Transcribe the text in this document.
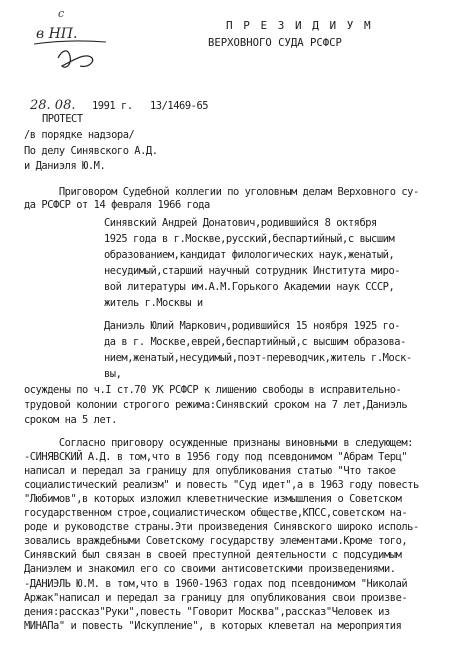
с
в НП.
Дз
П Р Е З И Д И У М
ВЕРХОВНОГО СУДА РСФСР
28. 08. 1991 г. 13/1469-65
ПРОТЕСТ
/в порядке надзора/
По делу Синявского А.Д.
и Даниэля Ю.М.
Приговором Судебной коллегии по уголовным делам Верховного су-
да РСФСР от 14 февраля 1966 года
Синявский Андрей Донатович,родившийся 8 октября
1925 года в г.Москве,русский,беспартийный,с высшим
образованием,кандидат филологических наук,женатый,
несудимый,старший научный сотрудник Института миро-
вой литературы им.А.М.Горького Академии наук СССР,
житель г.Москвы и
Даниэль Юлий Маркович,родившийся 15 ноября 1925 го-
да в г. Москве,еврей,беспартийный,с высшим образова-
нием,женатый,несудимый,поэт-переводчик,житель г.Моск-
вы,
осуждены по ч.I ст.70 УК РСФСР к лишению свободы в исправительно-
трудовой колонии строгого режима:Синявский сроком на 7 лет,Даниэль
сроком на 5 лет.
Согласно приговору осужденные признаны виновными в следующем:
-СИНЯВСКИЙ А.Д. в том,что в 1956 году под псевдонимом "Абрам Терц"
написал и передал за границу для опубликования статью "Что такое
социалистический реализм" и повесть "Суд идет",а в 1963 году повесть
"Любимов",в которых изложил клеветнические измышления о Советском
государственном строе,социалистическом обществе,КПСС,советском на-
роде и руководстве страны.Эти произведения Синявского широко исполь-
зовались враждебными Советскому государству элементами.Кроме того,
Синявский был связан в своей преступной деятельности с подсудимым
Даниэлем и знакомил его со своими антисоветскими произведениями.
-ДАНИЭЛЬ Ю.М. в том,что в 1960-1963 годах под псевдонимом "Николай
Аржак"написал и передал за границу для опубликования свои произве-
дения:рассказ"Руки",повесть "Говорит Москва",рассказ"Человек из
МИНАПа" и повесть "Искупление", в которых клеветал на мероприятия
